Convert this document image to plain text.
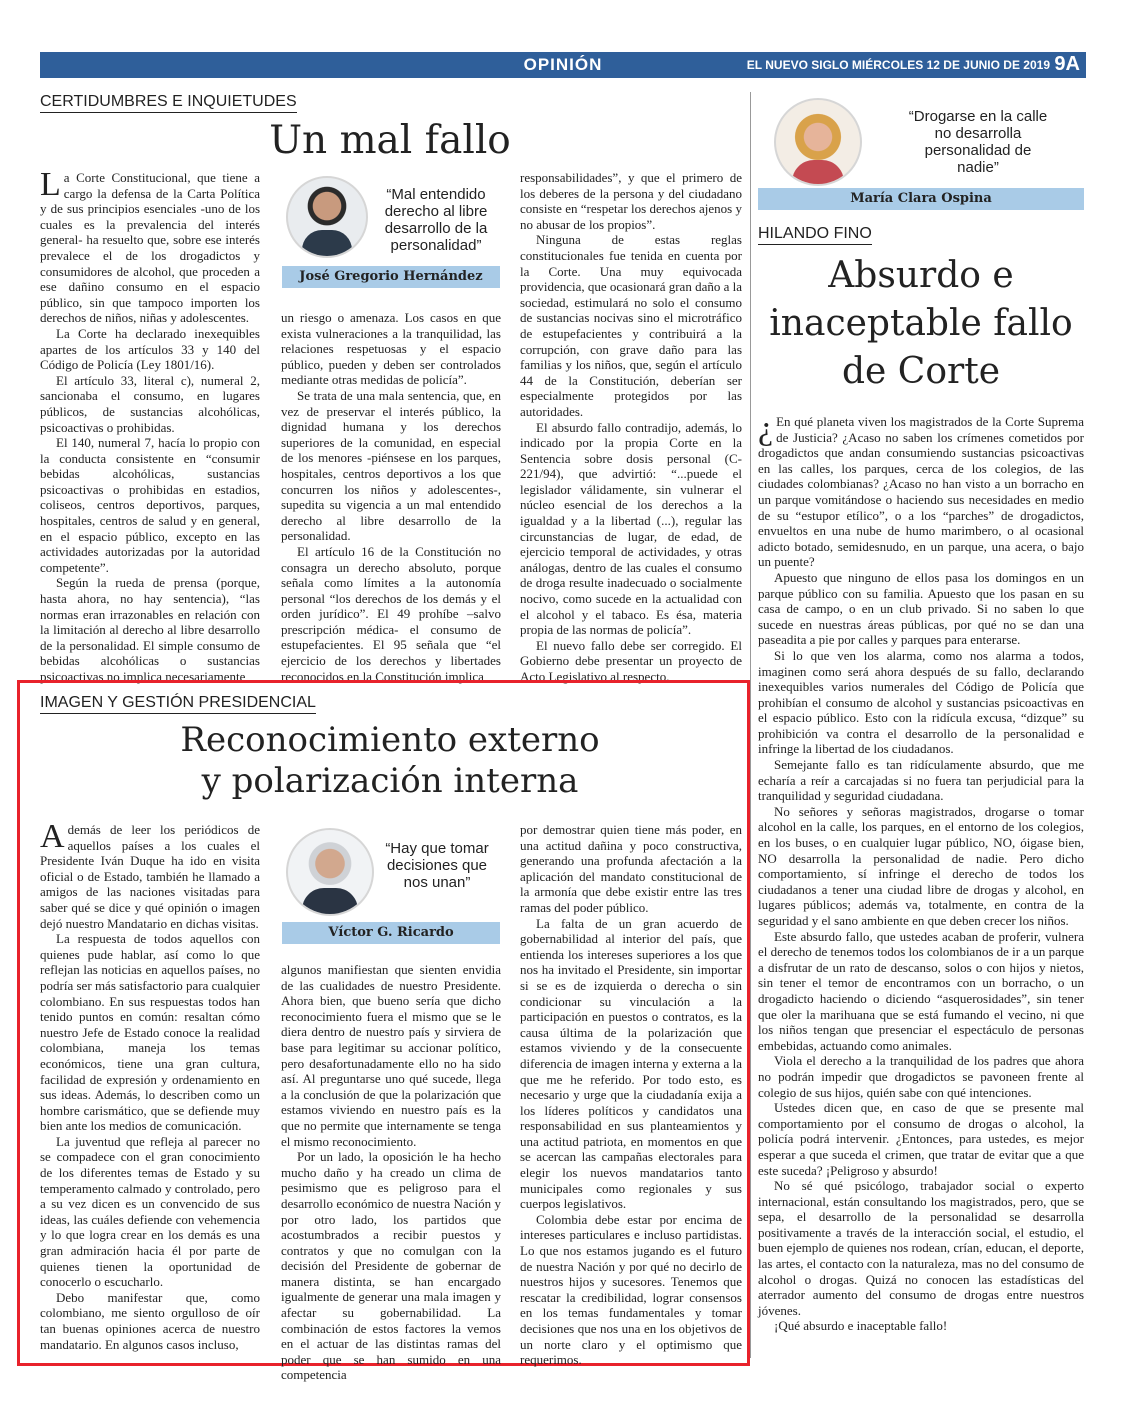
OPINIÓN	EL NUEVO SIGLO MIÉRCOLES 12 DE JUNIO DE 2019 9A
CERTIDUMBRES E INQUIETUDES
Un mal fallo

La Corte Constitucional, que tiene a cargo la defensa de la Carta Política y de sus principios esenciales -uno de los cuales es la prevalencia del interés general- ha resuelto que, sobre ese interés prevalece el de los drogadictos y consumidores de alcohol, que proceden a ese dañino consumo en el espacio público, sin que tampoco importen los derechos de niños, niñas y adolescentes.

La Corte ha declarado inexequibles apartes de los artículos 33 y 140 del Código de Policía (Ley 1801/16).

El artículo 33, literal c), numeral 2, sancionaba el consumo, en lugares públicos, de sustancias alcohólicas, psicoactivas o prohibidas.

El 140, numeral 7, hacía lo propio con la conducta consistente en “consumir bebidas alcohólicas, sustancias psicoactivas o prohibidas en estadios, coliseos, centros deportivos, parques, hospitales, centros de salud y en general, en el espacio público, excepto en las actividades autorizadas por la autoridad competente”.

Según la rueda de prensa (porque, hasta ahora, no hay sentencia), “las normas eran irrazonables en relación con la limitación al derecho al libre desarrollo de la personalidad. El simple consumo de bebidas alcohólicas o sustancias psicoactivas no implica necesariamente

“Mal entendido derecho al libre desarrollo de la personalidad”
José Gregorio Hernández

un riesgo o amenaza. Los casos en que exista vulneraciones a la tranquilidad, las relaciones respetuosas y el espacio público, pueden y deben ser controlados mediante otras medidas de policía”.

Se trata de una mala sentencia, que, en vez de preservar el interés público, la dignidad humana y los derechos superiores de la comunidad, en especial de los menores -piénsese en los parques, hospitales, centros deportivos a los que concurren los niños y adolescentes-, supedita su vigencia a un mal entendido derecho al libre desarrollo de la personalidad.

El artículo 16 de la Constitución no consagra un derecho absoluto, porque señala como límites a la autonomía personal “los derechos de los demás y el orden jurídico”. El 49 prohíbe –salvo prescripción médica- el consumo de estupefacientes. El 95 señala que “el ejercicio de los derechos y libertades reconocidos en la Constitución implica

responsabilidades”, y que el primero de los deberes de la persona y del ciudadano consiste en “respetar los derechos ajenos y no abusar de los propios”.

Ninguna de estas reglas constitucionales fue tenida en cuenta por la Corte. Una muy equivocada providencia, que ocasionará gran daño a la sociedad, estimulará no solo el consumo de sustancias nocivas sino el microtráfico de estupefacientes y contribuirá a la corrupción, con grave daño para las familias y los niños, que, según el artículo 44 de la Constitución, deberían ser especialmente protegidos por las autoridades.

El absurdo fallo contradijo, además, lo indicado por la propia Corte en la Sentencia sobre dosis personal (C-221/94), que advirtió: “...puede el legislador válidamente, sin vulnerar el núcleo esencial de los derechos a la igualdad y a la libertad (...), regular las circunstancias de lugar, de edad, de ejercicio temporal de actividades, y otras análogas, dentro de las cuales el consumo de droga resulte inadecuado o socialmente nocivo, como sucede en la actualidad con el alcohol y el tabaco. Es ésa, materia propia de las normas de policía”.

El nuevo fallo debe ser corregido. El Gobierno debe presentar un proyecto de Acto Legislativo al respecto.

IMAGEN Y GESTIÓN PRESIDENCIAL
Reconocimiento externo
y polarización interna

Además de leer los periódicos de aquellos países a los cuales el Presidente Iván Duque ha ido en visita oficial o de Estado, también he llamado a amigos de las naciones visitadas para saber qué se dice y qué opinión o imagen dejó nuestro Mandatario en dichas visitas.

La respuesta de todos aquellos con quienes pude hablar, así como lo que reflejan las noticias en aquellos países, no podría ser más satisfactorio para cualquier colombiano. En sus respuestas todos han tenido puntos en común: resaltan cómo nuestro Jefe de Estado conoce la realidad colombiana, maneja los temas económicos, tiene una gran cultura, facilidad de expresión y ordenamiento en sus ideas. Además, lo describen como un hombre carismático, que se defiende muy bien ante los medios de comunicación.

La juventud que refleja al parecer no se compadece con el gran conocimiento de los diferentes temas de Estado y su temperamento calmado y controlado, pero a su vez dicen es un convencido de sus ideas, las cuáles defiende con vehemencia y lo que logra crear en los demás es una gran admiración hacia él por parte de quienes tienen la oportunidad de conocerlo o escucharlo.

Debo manifestar que, como colombiano, me siento orgulloso de oír tan buenas opiniones acerca de nuestro mandatario. En algunos casos incluso,

“Hay que tomar decisiones que nos unan”
Víctor G. Ricardo

algunos manifiestan que sienten envidia de las cualidades de nuestro Presidente. Ahora bien, que bueno sería que dicho reconocimiento fuera el mismo que se le diera dentro de nuestro país y sirviera de base para legitimar su accionar político, pero desafortunadamente ello no ha sido así. Al preguntarse uno qué sucede, llega a la conclusión de que la polarización que estamos viviendo en nuestro país es la que no permite que internamente se tenga el mismo reconocimiento.

Por un lado, la oposición le ha hecho mucho daño y ha creado un clima de pesimismo que es peligroso para el desarrollo económico de nuestra Nación y por otro lado, los partidos que acostumbrados a recibir puestos y contratos y que no comulgan con la decisión del Presidente de gobernar de manera distinta, se han encargado igualmente de generar una mala imagen y afectar su gobernabilidad. La combinación de estos factores la vemos en el actuar de las distintas ramas del poder que se han sumido en una competencia

por demostrar quien tiene más poder, en una actitud dañina y poco constructiva, generando una profunda afectación a la aplicación del mandato constitucional de la armonía que debe existir entre las tres ramas del poder público.

La falta de un gran acuerdo de gobernabilidad al interior del país, que entienda los intereses superiores a los que nos ha invitado el Presidente, sin importar si se es de izquierda o derecha o sin condicionar su vinculación a la participación en puestos o contratos, es la causa última de la polarización que estamos viviendo y de la consecuente diferencia de imagen interna y externa a la que me he referido. Por todo esto, es necesario y urge que la ciudadanía exija a los líderes políticos y candidatos una responsabilidad en sus planteamientos y una actitud patriota, en momentos en que se acercan las campañas electorales para elegir los nuevos mandatarios tanto municipales como regionales y sus cuerpos legislativos.

Colombia debe estar por encima de intereses particulares e incluso partidistas. Lo que nos estamos jugando es el futuro de nuestra Nación y por qué no decirlo de nuestros hijos y sucesores. Tenemos que rescatar la credibilidad, lograr consensos en los temas fundamentales y tomar decisiones que nos una en los objetivos de un norte claro y el optimismo que requerimos.

“Drogarse en la calle no desarrolla personalidad de nadie”
María Clara Ospina
HILANDO FINO
Absurdo e
inaceptable fallo
de Corte

¿ En qué planeta viven los magistrados de la Corte Suprema de Justicia? ¿Acaso no saben los crímenes cometidos por drogadictos que andan consumiendo sustancias psicoactivas en las calles, los parques, cerca de los colegios, de las ciudades colombianas? ¿Acaso no han visto a un borracho en un parque vomitándose o haciendo sus necesidades en medio de su “estupor etílico”, o a los “parches” de drogadictos, envueltos en una nube de humo marimbero, o al ocasional adicto botado, semidesnudo, en un parque, una acera, o bajo un puente?

Apuesto que ninguno de ellos pasa los domingos en un parque público con su familia. Apuesto que los pasan en su casa de campo, o en un club privado. Si no saben lo que sucede en nuestras áreas públicas, por qué no se dan una paseadita a pie por calles y parques para enterarse.

Si lo que ven los alarma, como nos alarma a todos, imaginen como será ahora después de su fallo, declarando inexequibles varios numerales del Código de Policía que prohibían el consumo de alcohol y sustancias psicoactivas en el espacio público. Esto con la ridícula excusa, “dizque” su prohibición va contra el desarrollo de la personalidad e infringe la libertad de los ciudadanos.

Semejante fallo es tan ridículamente absurdo, que me echaría a reír a carcajadas si no fuera tan perjudicial para la tranquilidad y seguridad ciudadana.

No señores y señoras magistrados, drogarse o tomar alcohol en la calle, los parques, en el entorno de los colegios, en los buses, o en cualquier lugar público, NO, óigase bien, NO desarrolla la personalidad de nadie. Pero dicho comportamiento, sí infringe el derecho de todos los ciudadanos a tener una ciudad libre de drogas y alcohol, en lugares públicos; además va, totalmente, en contra de la seguridad y el sano ambiente en que deben crecer los niños.

Este absurdo fallo, que ustedes acaban de proferir, vulnera el derecho de tenemos todos los colombianos de ir a un parque a disfrutar de un rato de descanso, solos o con hijos y nietos, sin tener el temor de encontramos con un borracho, o un drogadicto haciendo o diciendo “asquerosidades”, sin tener que oler la marihuana que se está fumando el vecino, ni que los niños tengan que presenciar el espectáculo de personas embebidas, actuando como animales.

Viola el derecho a la tranquilidad de los padres que ahora no podrán impedir que drogadictos se pavoneen frente al colegio de sus hijos, quién sabe con qué intenciones.

Ustedes dicen que, en caso de que se presente mal comportamiento por el consumo de drogas o alcohol, la policía podrá intervenir. ¿Entonces, para ustedes, es mejor esperar a que suceda el crimen, que tratar de evitar que a que este suceda? ¡Peligroso y absurdo!

No sé qué psicólogo, trabajador social o experto internacional, están consultando los magistrados, pero, que se sepa, el desarrollo de la personalidad se desarrolla positivamente a través de la interacción social, el estudio, el buen ejemplo de quienes nos rodean, crían, educan, el deporte, las artes, el contacto con la naturaleza, mas no del consumo de alcohol o drogas. Quizá no conocen las estadísticas del aterrador aumento del consumo de drogas entre nuestros jóvenes.

¡Qué absurdo e inaceptable fallo!
